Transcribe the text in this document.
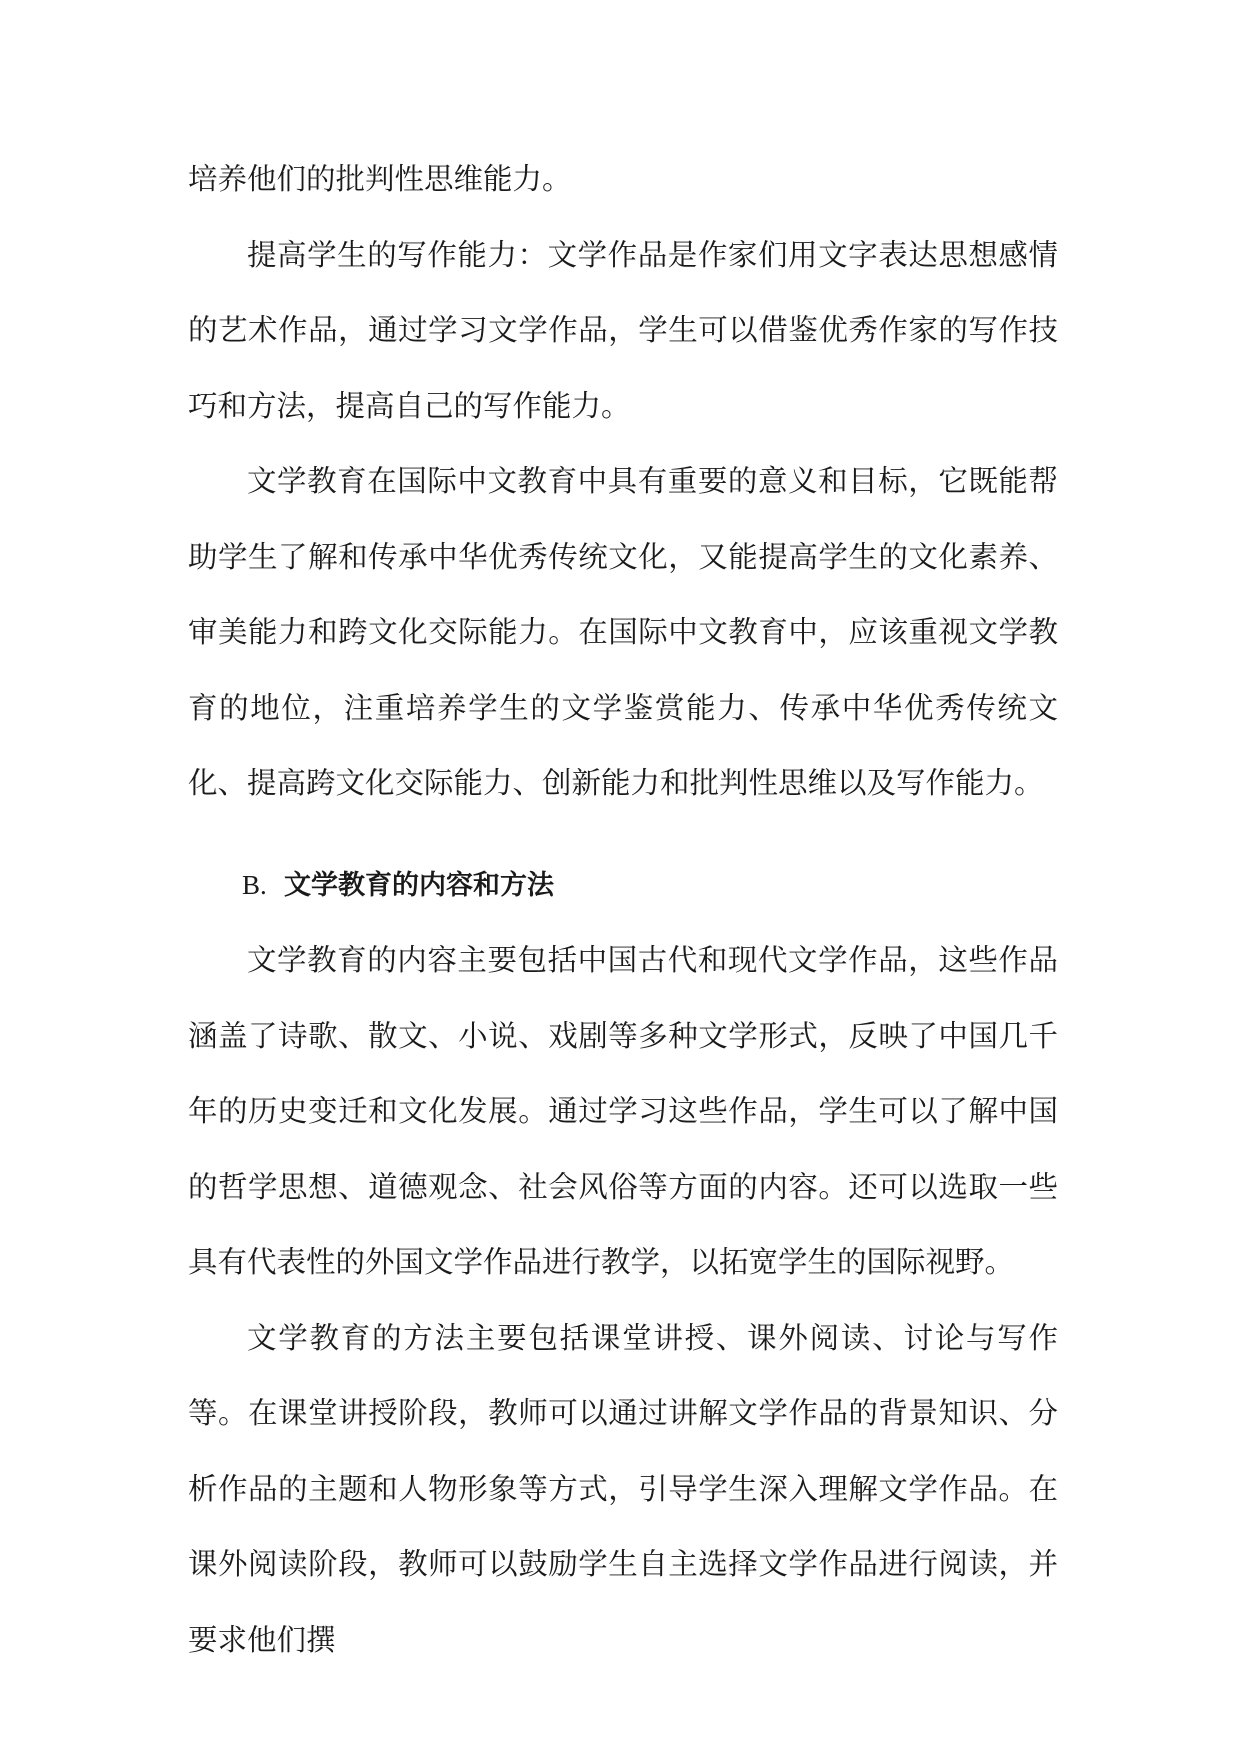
培养他们的批判性思维能力。

提高学生的写作能力：文学作品是作家们用文字表达思想感情的艺术作品，通过学习文学作品，学生可以借鉴优秀作家的写作技巧和方法，提高自己的写作能力。

文学教育在国际中文教育中具有重要的意义和目标，它既能帮助学生了解和传承中华优秀传统文化，又能提高学生的文化素养、审美能力和跨文化交际能力。在国际中文教育中，应该重视文学教育的地位，注重培养学生的文学鉴赏能力、传承中华优秀传统文化、提高跨文化交际能力、创新能力和批判性思维以及写作能力。

B. 文学教育的内容和方法

文学教育的内容主要包括中国古代和现代文学作品，这些作品涵盖了诗歌、散文、小说、戏剧等多种文学形式，反映了中国几千年的历史变迁和文化发展。通过学习这些作品，学生可以了解中国的哲学思想、道德观念、社会风俗等方面的内容。还可以选取一些具有代表性的外国文学作品进行教学，以拓宽学生的国际视野。

文学教育的方法主要包括课堂讲授、课外阅读、讨论与写作等。在课堂讲授阶段，教师可以通过讲解文学作品的背景知识、分析作品的主题和人物形象等方式，引导学生深入理解文学作品。在课外阅读阶段，教师可以鼓励学生自主选择文学作品进行阅读，并要求他们撰
